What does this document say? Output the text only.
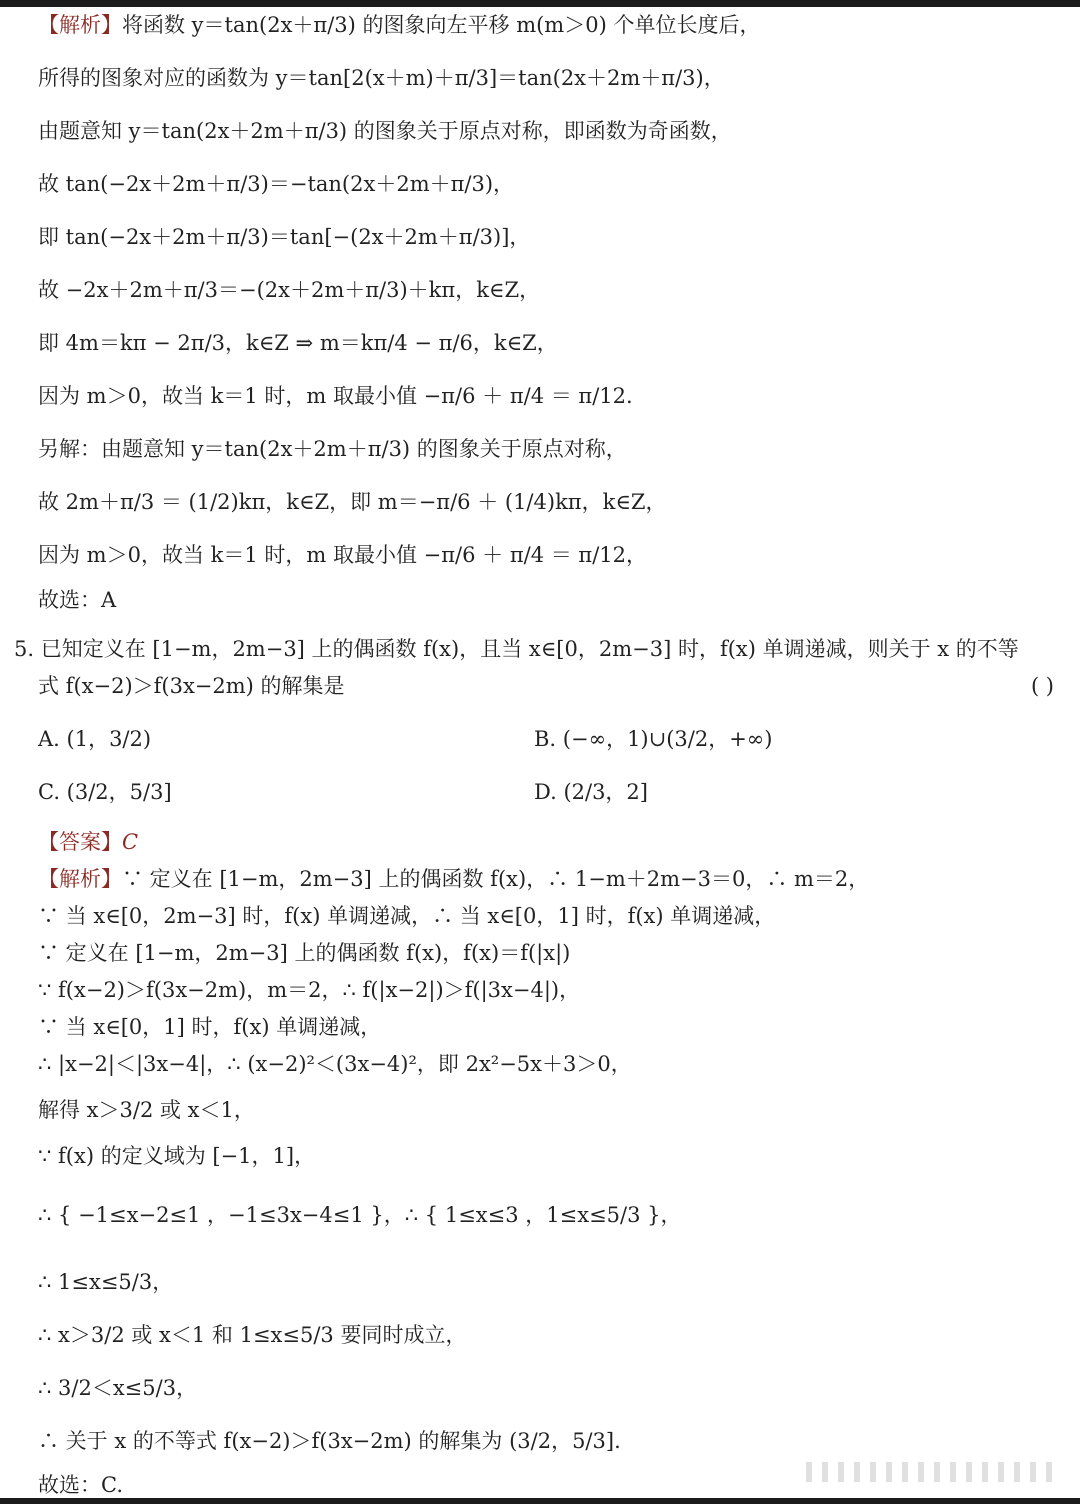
【解析】将函数 y＝tan(2x＋π/3) 的图象向左平移 m(m＞0) 个单位长度后，
所得的图象对应的函数为 y＝tan[2(x＋m)＋π/3]＝tan(2x＋2m＋π/3)，
由题意知 y＝tan(2x＋2m＋π/3) 的图象关于原点对称，即函数为奇函数，
故 tan(−2x＋2m＋π/3)＝−tan(2x＋2m＋π/3)，
即 tan(−2x＋2m＋π/3)＝tan[−(2x＋2m＋π/3)]，
故 −2x＋2m＋π/3＝−(2x＋2m＋π/3)＋kπ，k∈Z，
即 4m＝kπ − 2π/3，k∈Z ⇒ m＝kπ/4 − π/6，k∈Z，
因为 m＞0，故当 k＝1 时，m 取最小值 −π/6 ＋ π/4 ＝ π/12.
另解：由题意知 y＝tan(2x＋2m＋π/3) 的图象关于原点对称，
故 2m＋π/3 ＝ (1/2)kπ，k∈Z，即 m＝−π/6 ＋ (1/4)kπ，k∈Z，
因为 m＞0，故当 k＝1 时，m 取最小值 −π/6 ＋ π/4 ＝ π/12，
故选：A
5. 已知定义在 [1−m，2m−3] 上的偶函数 f(x)，且当 x∈[0，2m−3] 时，f(x) 单调递减，则关于 x 的不等
式 f(x−2)＞f(3x−2m) 的解集是	( )
A. (1，3/2)	B. (−∞，1)∪(3/2，+∞)
C. (3/2，5/3]	D. (2/3，2]
【答案】C
【解析】∵ 定义在 [1−m，2m−3] 上的偶函数 f(x)，∴ 1−m＋2m−3＝0，∴ m＝2，
∵ 当 x∈[0，2m−3] 时，f(x) 单调递减，∴ 当 x∈[0，1] 时，f(x) 单调递减，
∵ 定义在 [1−m，2m−3] 上的偶函数 f(x)，f(x)＝f(|x|)
∵ f(x−2)＞f(3x−2m)，m＝2，∴ f(|x−2|)＞f(|3x−4|)，
∵ 当 x∈[0，1] 时，f(x) 单调递减，
∴ |x−2|＜|3x−4|，∴ (x−2)²＜(3x−4)²，即 2x²−5x＋3＞0，
解得 x＞3/2 或 x＜1，
∵ f(x) 的定义域为 [−1，1]，
∴ { −1≤x−2≤1 ，−1≤3x−4≤1 }，∴ { 1≤x≤3 ，1≤x≤5/3 }，
∴ 1≤x≤5/3，
∴ x＞3/2 或 x＜1 和 1≤x≤5/3 要同时成立，
∴ 3/2＜x≤5/3，
∴ 关于 x 的不等式 f(x−2)＞f(3x−2m) 的解集为 (3/2，5/3].
故选：C.
